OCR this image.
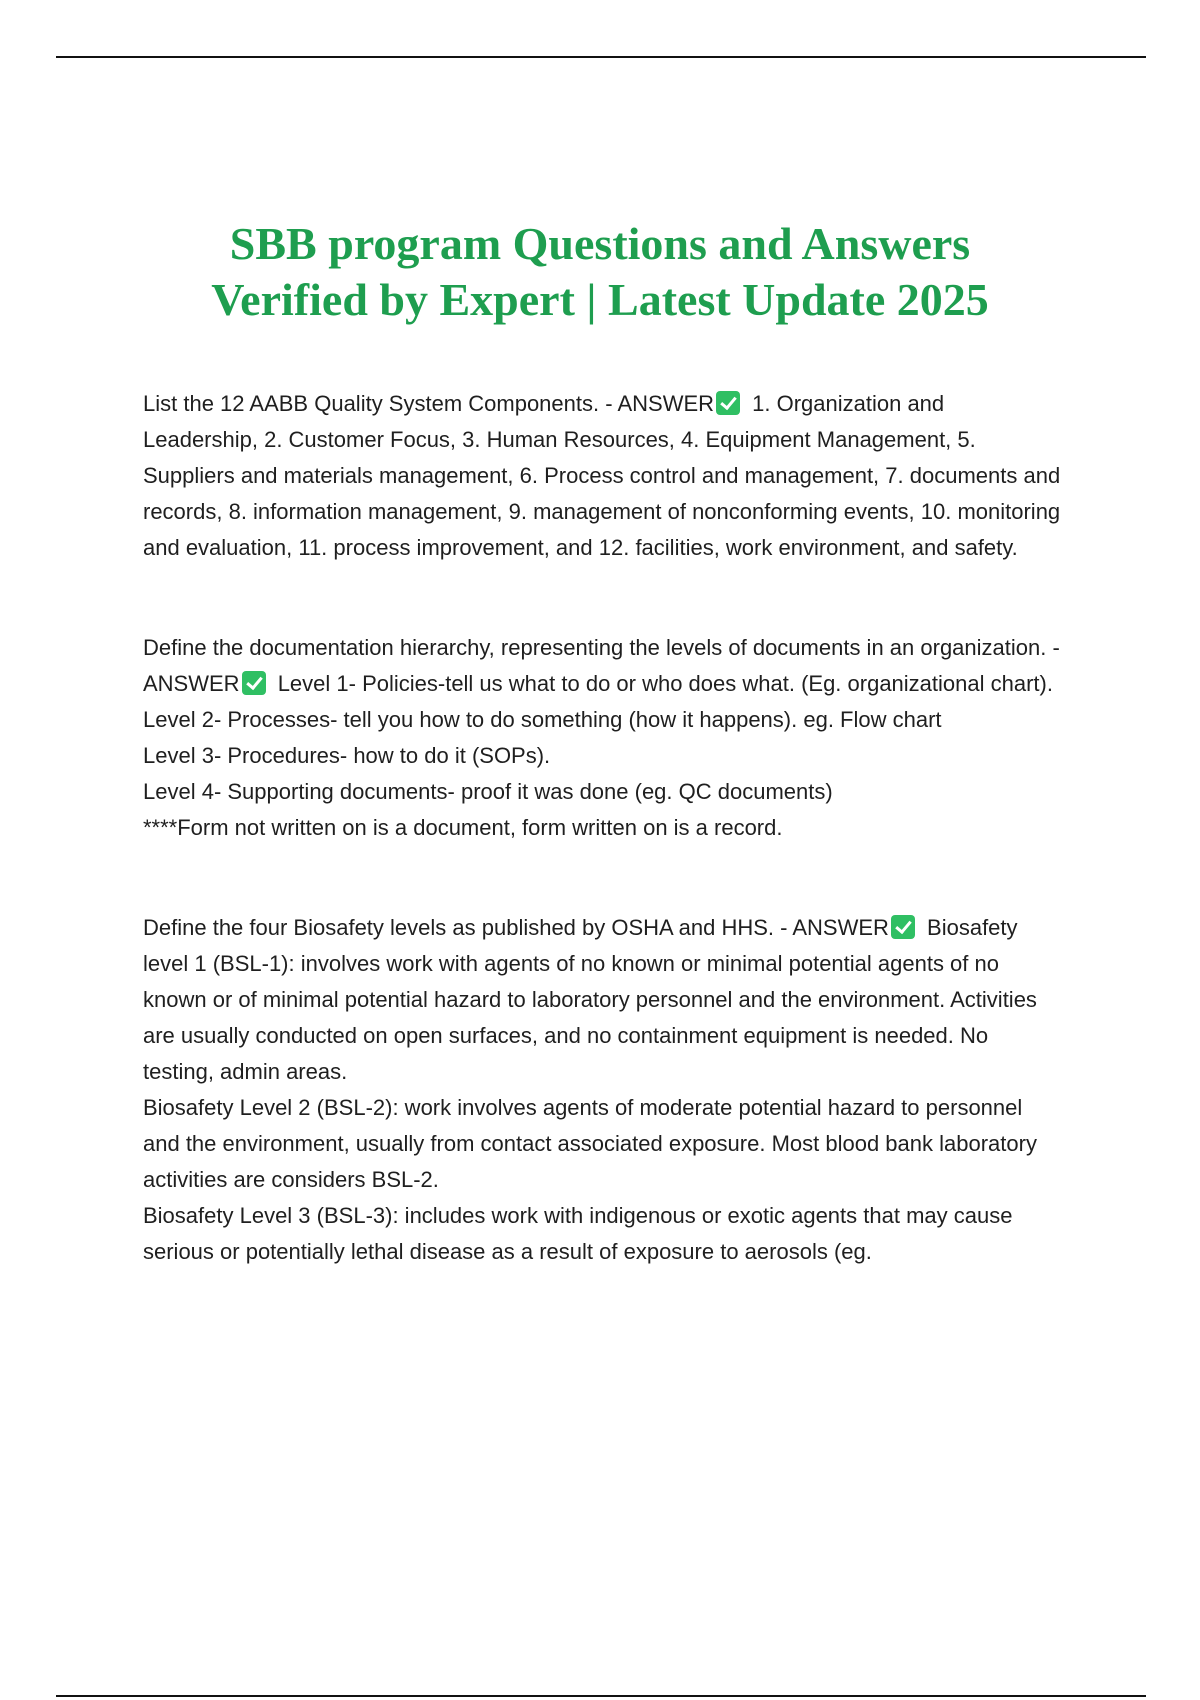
SBB program Questions and Answers
Verified by Expert | Latest Update 2025

List the 12 AABB Quality System Components. - ANSWER 1. Organization and Leadership, 2. Customer Focus, 3. Human Resources, 4. Equipment Management, 5. Suppliers and materials management, 6. Process control and management, 7. documents and records, 8. information management, 9. management of nonconforming events, 10. monitoring and evaluation, 11. process improvement, and 12. facilities, work environment, and safety.

Define the documentation hierarchy, representing the levels of documents in an organization. - ANSWER Level 1- Policies-tell us what to do or who does what. (Eg. organizational chart).

Level 2- Processes- tell you how to do something (how it happens). eg. Flow chart

Level 3- Procedures- how to do it (SOPs).

Level 4- Supporting documents- proof it was done (eg. QC documents)

****Form not written on is a document, form written on is a record.

Define the four Biosafety levels as published by OSHA and HHS. - ANSWER Biosafety level 1 (BSL-1): involves work with agents of no known or minimal potential agents of no known or of minimal potential hazard to laboratory personnel and the environment. Activities are usually conducted on open surfaces, and no containment equipment is needed. No testing, admin areas.

Biosafety Level 2 (BSL-2): work involves agents of moderate potential hazard to personnel and the environment, usually from contact associated exposure. Most blood bank laboratory activities are considers BSL-2.

Biosafety Level 3 (BSL-3): includes work with indigenous or exotic agents that may cause serious or potentially lethal disease as a result of exposure to aerosols (eg.
